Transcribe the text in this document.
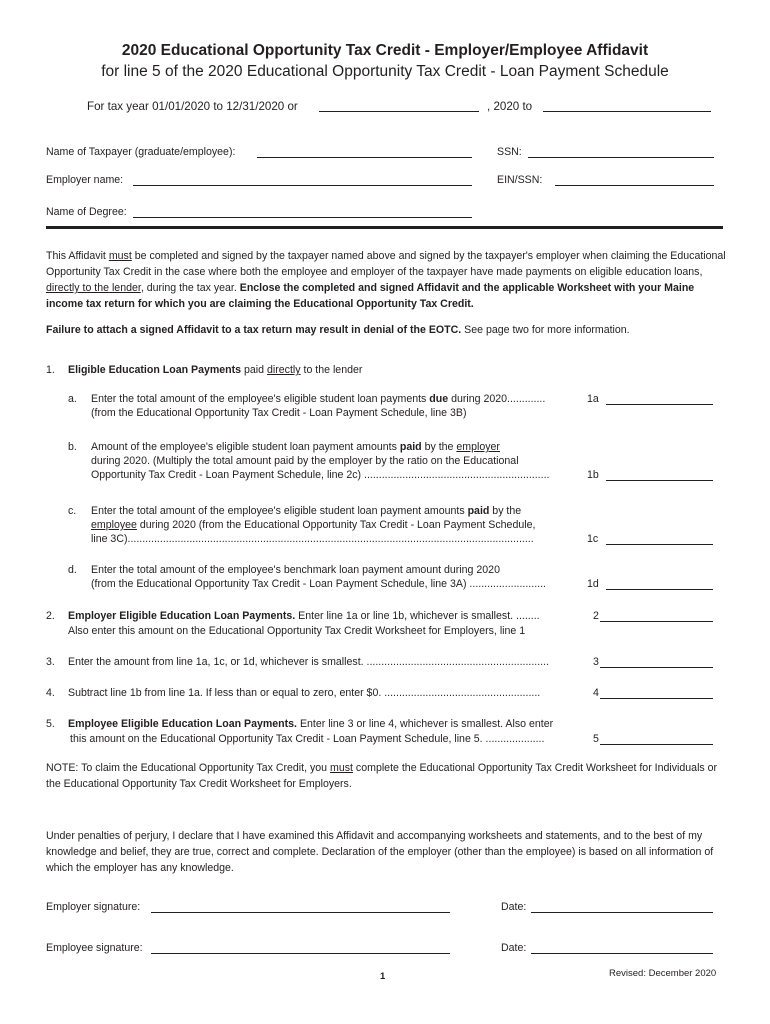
2020 Educational Opportunity Tax Credit - Employer/Employee Affidavit
for line 5 of the 2020 Educational Opportunity Tax Credit - Loan Payment Schedule
For tax year 01/01/2020 to 12/31/2020 or	, 2020 to
Name of Taxpayer (graduate/employee):	SSN:
Employer name:	EIN/SSN:
Name of Degree:
This Affidavit must be completed and signed by the taxpayer named above and signed by the taxpayer's employer when claiming the Educational Opportunity Tax Credit in the case where both the employee and employer of the taxpayer have made payments on eligible education loans, directly to the lender, during the tax year. Enclose the completed and signed Affidavit and the applicable Worksheet with your Maine income tax return for which you are claiming the Educational Opportunity Tax Credit.
Failure to attach a signed Affidavit to a tax return may result in denial of the EOTC. See page two for more information.
1. Eligible Education Loan Payments paid directly to the lender
a. Enter the total amount of the employee's eligible student loan payments due during 2020.............
(from the Educational Opportunity Tax Credit - Loan Payment Schedule, line 3B)
1a
b. Amount of the employee's eligible student loan payment amounts paid by the employer
during 2020. (Multiply the total amount paid by the employer by the ratio on the Educational
Opportunity Tax Credit - Loan Payment Schedule, line 2c) ...............................................................	1b
c. Enter the total amount of the employee's eligible student loan payment amounts paid by the
employee during 2020 (from the Educational Opportunity Tax Credit - Loan Payment Schedule,
line 3C)..........................................................................................................................................	1c
d. Enter the total amount of the employee's benchmark loan payment amount during 2020
(from the Educational Opportunity Tax Credit - Loan Payment Schedule, line 3A) ..........................	1d
2. Employer Eligible Education Loan Payments. Enter line 1a or line 1b, whichever is smallest. ........
Also enter this amount on the Educational Opportunity Tax Credit Worksheet for Employers, line 1
2
3. Enter the amount from line 1a, 1c, or 1d, whichever is smallest. ..............................................................	3
4. Subtract line 1b from line 1a. If less than or equal to zero, enter $0. .....................................................	4
5. Employee Eligible Education Loan Payments. Enter line 3 or line 4, whichever is smallest. Also enter
this amount on the Educational Opportunity Tax Credit - Loan Payment Schedule, line 5. ....................	5
NOTE: To claim the Educational Opportunity Tax Credit, you must complete the Educational Opportunity Tax Credit Worksheet for Individuals or the Educational Opportunity Tax Credit Worksheet for Employers.
Under penalties of perjury, I declare that I have examined this Affidavit and accompanying worksheets and statements, and to the best of my knowledge and belief, they are true, correct and complete. Declaration of the employer (other than the employee) is based on all information of which the employer has any knowledge.
Employer signature:	Date:
Employee signature:	Date:
1	Revised: December 2020
